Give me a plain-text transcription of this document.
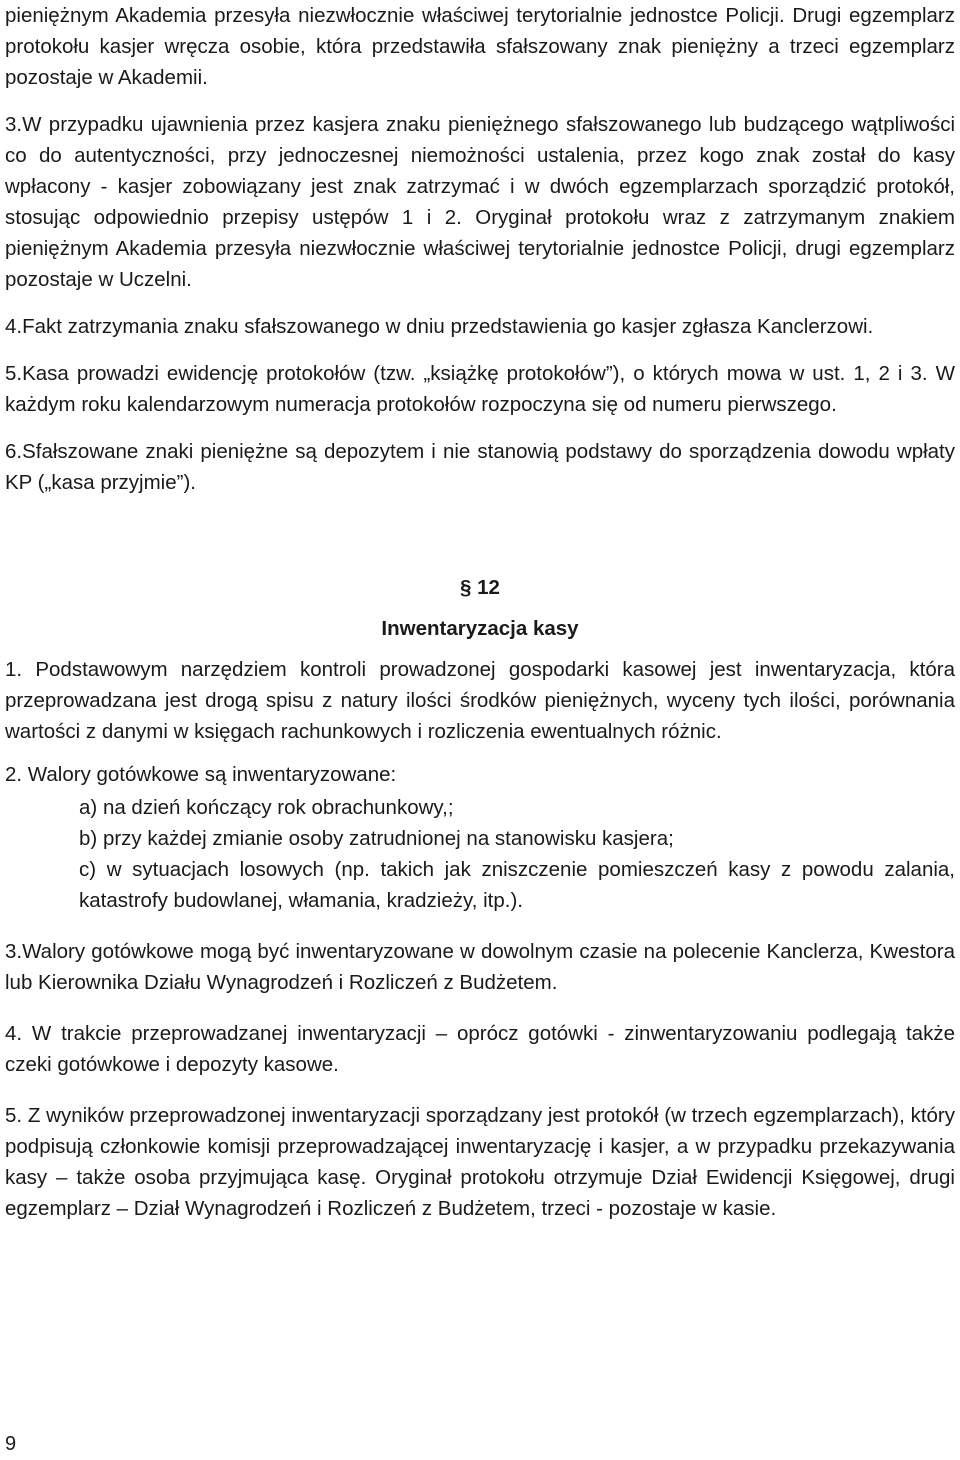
pieniężnym Akademia przesyła niezwłocznie właściwej terytorialnie jednostce Policji. Drugi egzemplarz protokołu kasjer wręcza osobie, która przedstawiła sfałszowany znak pieniężny a trzeci egzemplarz pozostaje w Akademii.

3.W przypadku ujawnienia przez kasjera znaku pieniężnego sfałszowanego lub budzącego wątpliwości co do autentyczności, przy jednoczesnej niemożności ustalenia, przez kogo znak został do kasy wpłacony - kasjer zobowiązany jest znak zatrzymać i w dwóch egzemplarzach sporządzić protokół, stosując odpowiednio przepisy ustępów 1 i 2. Oryginał protokołu wraz z zatrzymanym znakiem pieniężnym Akademia przesyła niezwłocznie właściwej terytorialnie jednostce Policji, drugi egzemplarz pozostaje w Uczelni.

4.Fakt zatrzymania znaku sfałszowanego w dniu przedstawienia go kasjer zgłasza Kanclerzowi.

5.Kasa prowadzi ewidencję protokołów (tzw. „książkę protokołów”), o których mowa w ust. 1, 2 i 3. W każdym roku kalendarzowym numeracja protokołów rozpoczyna się od numeru pierwszego.

6.Sfałszowane znaki pieniężne są depozytem i nie stanowią podstawy do sporządzenia dowodu wpłaty KP („kasa przyjmie”).

§ 12

Inwentaryzacja kasy

1. Podstawowym narzędziem kontroli prowadzonej gospodarki kasowej jest inwentaryzacja, która przeprowadzana jest drogą spisu z natury ilości środków pieniężnych, wyceny tych ilości, porównania wartości z danymi w księgach rachunkowych i rozliczenia ewentualnych różnic.

2. Walory gotówkowe są inwentaryzowane:

a) na dzień kończący rok obrachunkowy,;
b) przy każdej zmianie osoby zatrudnionej na stanowisku kasjera;
c) w sytuacjach losowych (np. takich jak zniszczenie pomieszczeń kasy z powodu zalania, katastrofy budowlanej, włamania, kradzieży, itp.).

3.Walory gotówkowe mogą być inwentaryzowane w dowolnym czasie na polecenie Kanclerza, Kwestora lub Kierownika Działu Wynagrodzeń i Rozliczeń z Budżetem.

4. W trakcie przeprowadzanej inwentaryzacji – oprócz gotówki - zinwentaryzowaniu podlegają także czeki gotówkowe i depozyty kasowe.

5. Z wyników przeprowadzonej inwentaryzacji sporządzany jest protokół (w trzech egzemplarzach), który podpisują członkowie komisji przeprowadzającej inwentaryzację i kasjer, a w przypadku przekazywania kasy – także osoba przyjmująca kasę. Oryginał protokołu otrzymuje Dział Ewidencji Księgowej, drugi egzemplarz – Dział Wynagrodzeń i Rozliczeń z Budżetem, trzeci - pozostaje w kasie.

9
